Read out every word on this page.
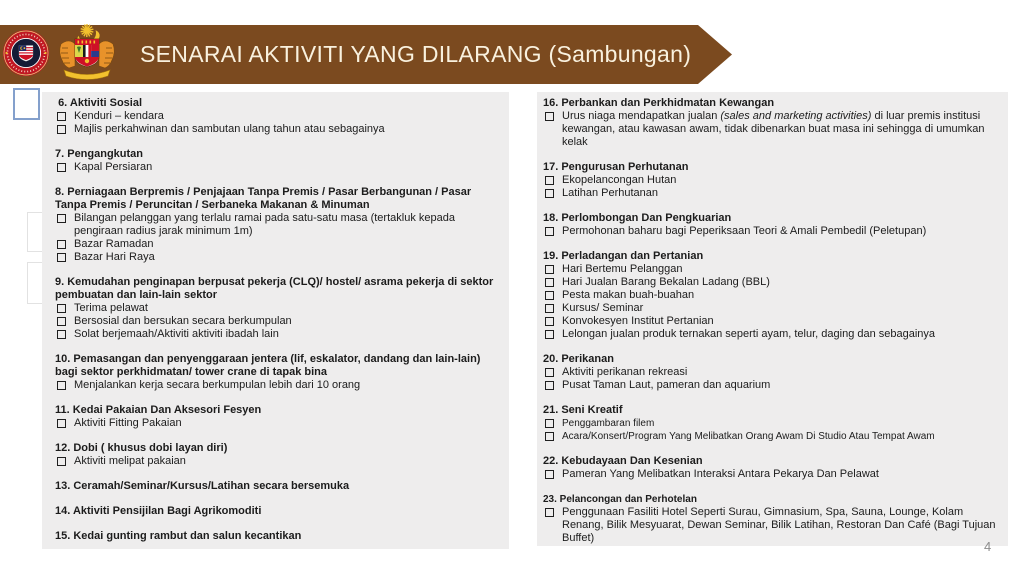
SENARAI AKTIVITI YANG DILARANG (Sambungan)
6. Aktiviti Sosial
Kenduri – kendara
Majlis perkahwinan dan sambutan ulang tahun atau sebagainya
7. Pengangkutan
Kapal Persiaran
8. Perniagaan Berpremis / Penjajaan Tanpa Premis / Pasar Berbangunan / Pasar Tanpa Premis / Peruncitan / Serbaneka Makanan & Minuman
Bilangan pelanggan yang terlalu ramai pada satu-satu masa (tertakluk kepada pengiraan radius jarak minimum 1m)
Bazar Ramadan
Bazar Hari Raya
9. Kemudahan penginapan berpusat pekerja (CLQ)/ hostel/ asrama pekerja di sektor pembuatan dan lain-lain sektor
Terima pelawat
Bersosial dan bersukan secara berkumpulan
Solat berjemaah/Aktiviti aktiviti ibadah lain
10. Pemasangan dan penyenggaraan jentera (lif, eskalator, dandang dan lain-lain) bagi sektor perkhidmatan/ tower crane di tapak bina
Menjalankan kerja secara berkumpulan lebih dari 10 orang
11. Kedai Pakaian Dan Aksesori Fesyen
Aktiviti Fitting Pakaian
12. Dobi ( khusus dobi layan diri)
Aktiviti melipat pakaian
13. Ceramah/Seminar/Kursus/Latihan secara bersemuka
14. Aktiviti Pensijilan Bagi Agrikomoditi
15. Kedai gunting rambut dan salun kecantikan
16. Perbankan dan Perkhidmatan Kewangan
Urus niaga mendapatkan jualan (sales and marketing activities) di luar premis institusi kewangan, atau kawasan awam, tidak dibenarkan buat masa ini sehingga di umumkan kelak
17. Pengurusan Perhutanan
Ekopelancongan Hutan
Latihan Perhutanan
18. Perlombongan Dan Pengkuarian
Permohonan baharu bagi Peperiksaan Teori & Amali Pembedil (Peletupan)
19. Perladangan dan Pertanian
Hari Bertemu Pelanggan
Hari Jualan Barang Bekalan Ladang (BBL)
Pesta makan buah-buahan
Kursus/ Seminar
Konvokesyen Institut Pertanian
Lelongan jualan produk ternakan seperti ayam, telur, daging dan sebagainya
20. Perikanan
Aktiviti perikanan rekreasi
Pusat Taman Laut, pameran dan aquarium
21. Seni Kreatif
Penggambaran filem
Acara/Konsert/Program Yang Melibatkan Orang Awam Di Studio Atau Tempat Awam
22. Kebudayaan Dan Kesenian
Pameran Yang Melibatkan Interaksi Antara Pekarya Dan Pelawat
23. Pelancongan dan Perhotelan
Penggunaan Fasiliti Hotel Seperti Surau, Gimnasium, Spa, Sauna, Lounge, Kolam Renang, Bilik Mesyuarat, Dewan Seminar, Bilik Latihan, Restoran Dan Café (Bagi Tujuan Buffet)
4
